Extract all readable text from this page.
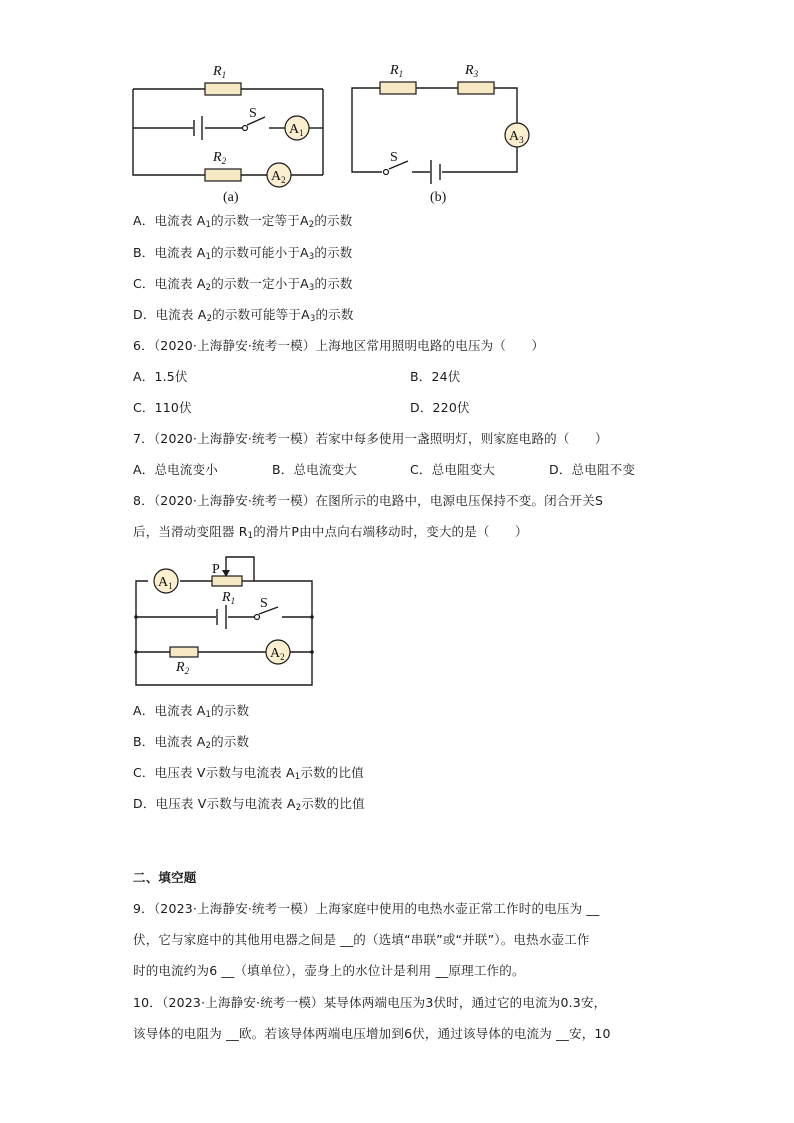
$R_1$
$R_2$
S
$A_1$
$A_2$
(a)
$R_1$	$R_3$
S
$A_3$
(b)
A．电流表 $A_1$的示数一定等于$A_2$的示数
B．电流表 $A_1$的示数可能小于$A_3$的示数
C．电流表 $A_2$的示数一定小于$A_3$的示数
D．电流表 $A_2$的示数可能等于$A_3$的示数
6．（2020·上海静安·统考一模）上海地区常用照明电路的电压为（　　）
A．1.5伏	B．24伏
C．110伏	D．220伏
7．（2020·上海静安·统考一模）若家中每多使用一盏照明灯，则家庭电路的（　　）
A．总电流变小	B．总电流变大	C．总电阻变大	D．总电阻不变
8．（2020·上海静安·统考一模）在图所示的电路中，电源电压保持不变。闭合开关S
后，当滑动变阻器 $R_1$的滑片P由中点向右端移动时，变大的是（　　）
$A_1$
P
$R_1$ S
$R_2$
$A_2$
A．电流表 $A_1$的示数
B．电流表 $A_2$的示数
C．电压表 V示数与电流表 $A_1$示数的比值
D．电压表 V示数与电流表 $A_2$示数的比值
二、填空题
9．（2023·上海静安·统考一模）上海家庭中使用的电热水壶正常工作时的电压为 __
伏，它与家庭中的其他用电器之间是 __的（选填“串联”或“并联”）。电热水壶工作
时的电流约为6 __（填单位），壶身上的水位计是利用 __原理工作的。
10．（2023·上海静安·统考一模）某导体两端电压为3伏时，通过它的电流为0.3安，
该导体的电阻为 __欧。若该导体两端电压增加到6伏，通过该导体的电流为 __安，10
